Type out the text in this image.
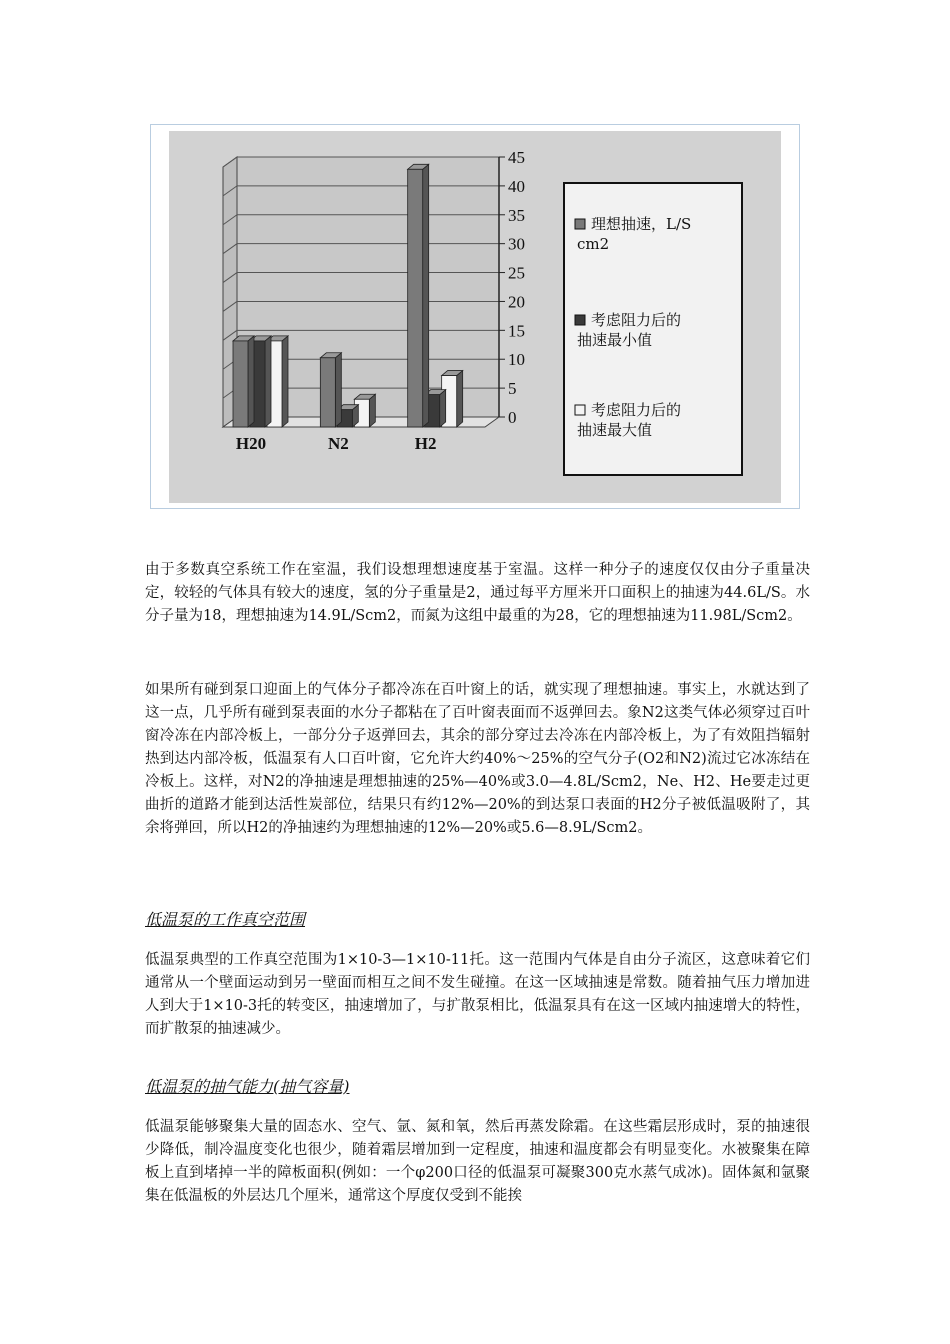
0
5
10
15
20
25
30
35
40
45
H20	N2	H2
理想抽速，L/S cm2
考虑阻力后的抽速最小值
考虑阻力后的抽速最大值

由于多数真空系统工作在室温，我们设想理想速度基于室温。这样一种分子的速度仅仅由分子重量决定，较轻的气体具有较大的速度，氢的分子重量是2，通过每平方厘米开口面积上的抽速为44.6L/S。水分子量为18，理想抽速为14.9L/Scm2，而氮为这组中最重的为28，它的理想抽速为11.98L/Scm2。

如果所有碰到泵口迎面上的气体分子都冷冻在百叶窗上的话，就实现了理想抽速。事实上，水就达到了这一点，几乎所有碰到泵表面的水分子都粘在了百叶窗表面而不返弹回去。象N2这类气体必须穿过百叶窗冷冻在内部冷板上，一部分分子返弹回去，其余的部分穿过去冷冻在内部冷板上，为了有效阻挡辐射热到达内部冷板，低温泵有人口百叶窗，它允许大约40%～25%的空气分子(O2和N2)流过它冰冻结在冷板上。这样，对N2的净抽速是理想抽速的25%—40%或3.0—4.8L/Scm2，Ne、H2、He要走过更曲折的道路才能到达活性炭部位，结果只有约12%—20%的到达泵口表面的H2分子被低温吸附了，其余将弹回，所以H2的净抽速约为理想抽速的12%—20%或5.6—8.9L/Scm2。

低温泵的工作真空范围

低温泵典型的工作真空范围为1×10-3—1×10-11托。这一范围内气体是自由分子流区，这意味着它们通常从一个壁面运动到另一壁面而相互之间不发生碰撞。在这一区域抽速是常数。随着抽气压力增加进人到大于1×10-3托的转变区，抽速增加了，与扩散泵相比，低温泵具有在这一区域内抽速增大的特性，而扩散泵的抽速减少。

低温泵的抽气能力(抽气容量)

低温泵能够聚集大量的固态水、空气、氩、氮和氧，然后再蒸发除霜。在这些霜层形成时，泵的抽速很少降低，制冷温度变化也很少，随着霜层增加到一定程度，抽速和温度都会有明显变化。水被聚集在障板上直到堵掉一半的障板面积(例如：一个φ200口径的低温泵可凝聚300克水蒸气成冰)。固体氮和氩聚集在低温板的外层达几个厘米，通常这个厚度仅受到不能挨
